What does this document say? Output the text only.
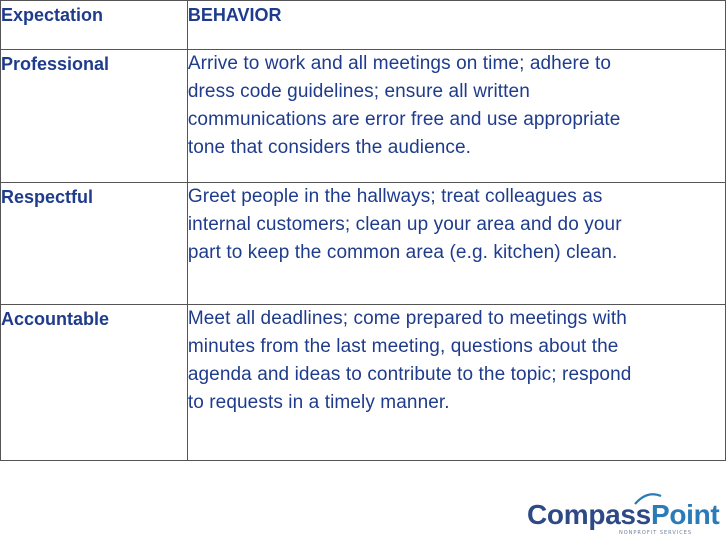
Expectation	BEHAVIOR
Professional	Arrive to work and all meetings on time; adhere to
dress code guidelines; ensure all written
communications are error free and use appropriate
tone that considers the audience.

Respectful	Greet people in the hallways; treat colleagues as
internal customers; clean up your area and do your
part to keep the common area (e.g. kitchen) clean.

Accountable	Meet all deadlines; come prepared to meetings with
minutes from the last meeting, questions about the
agenda and ideas to contribute to the topic; respond
to requests in a timely manner.
CompassPoint
NONPROFIT SERVICES
